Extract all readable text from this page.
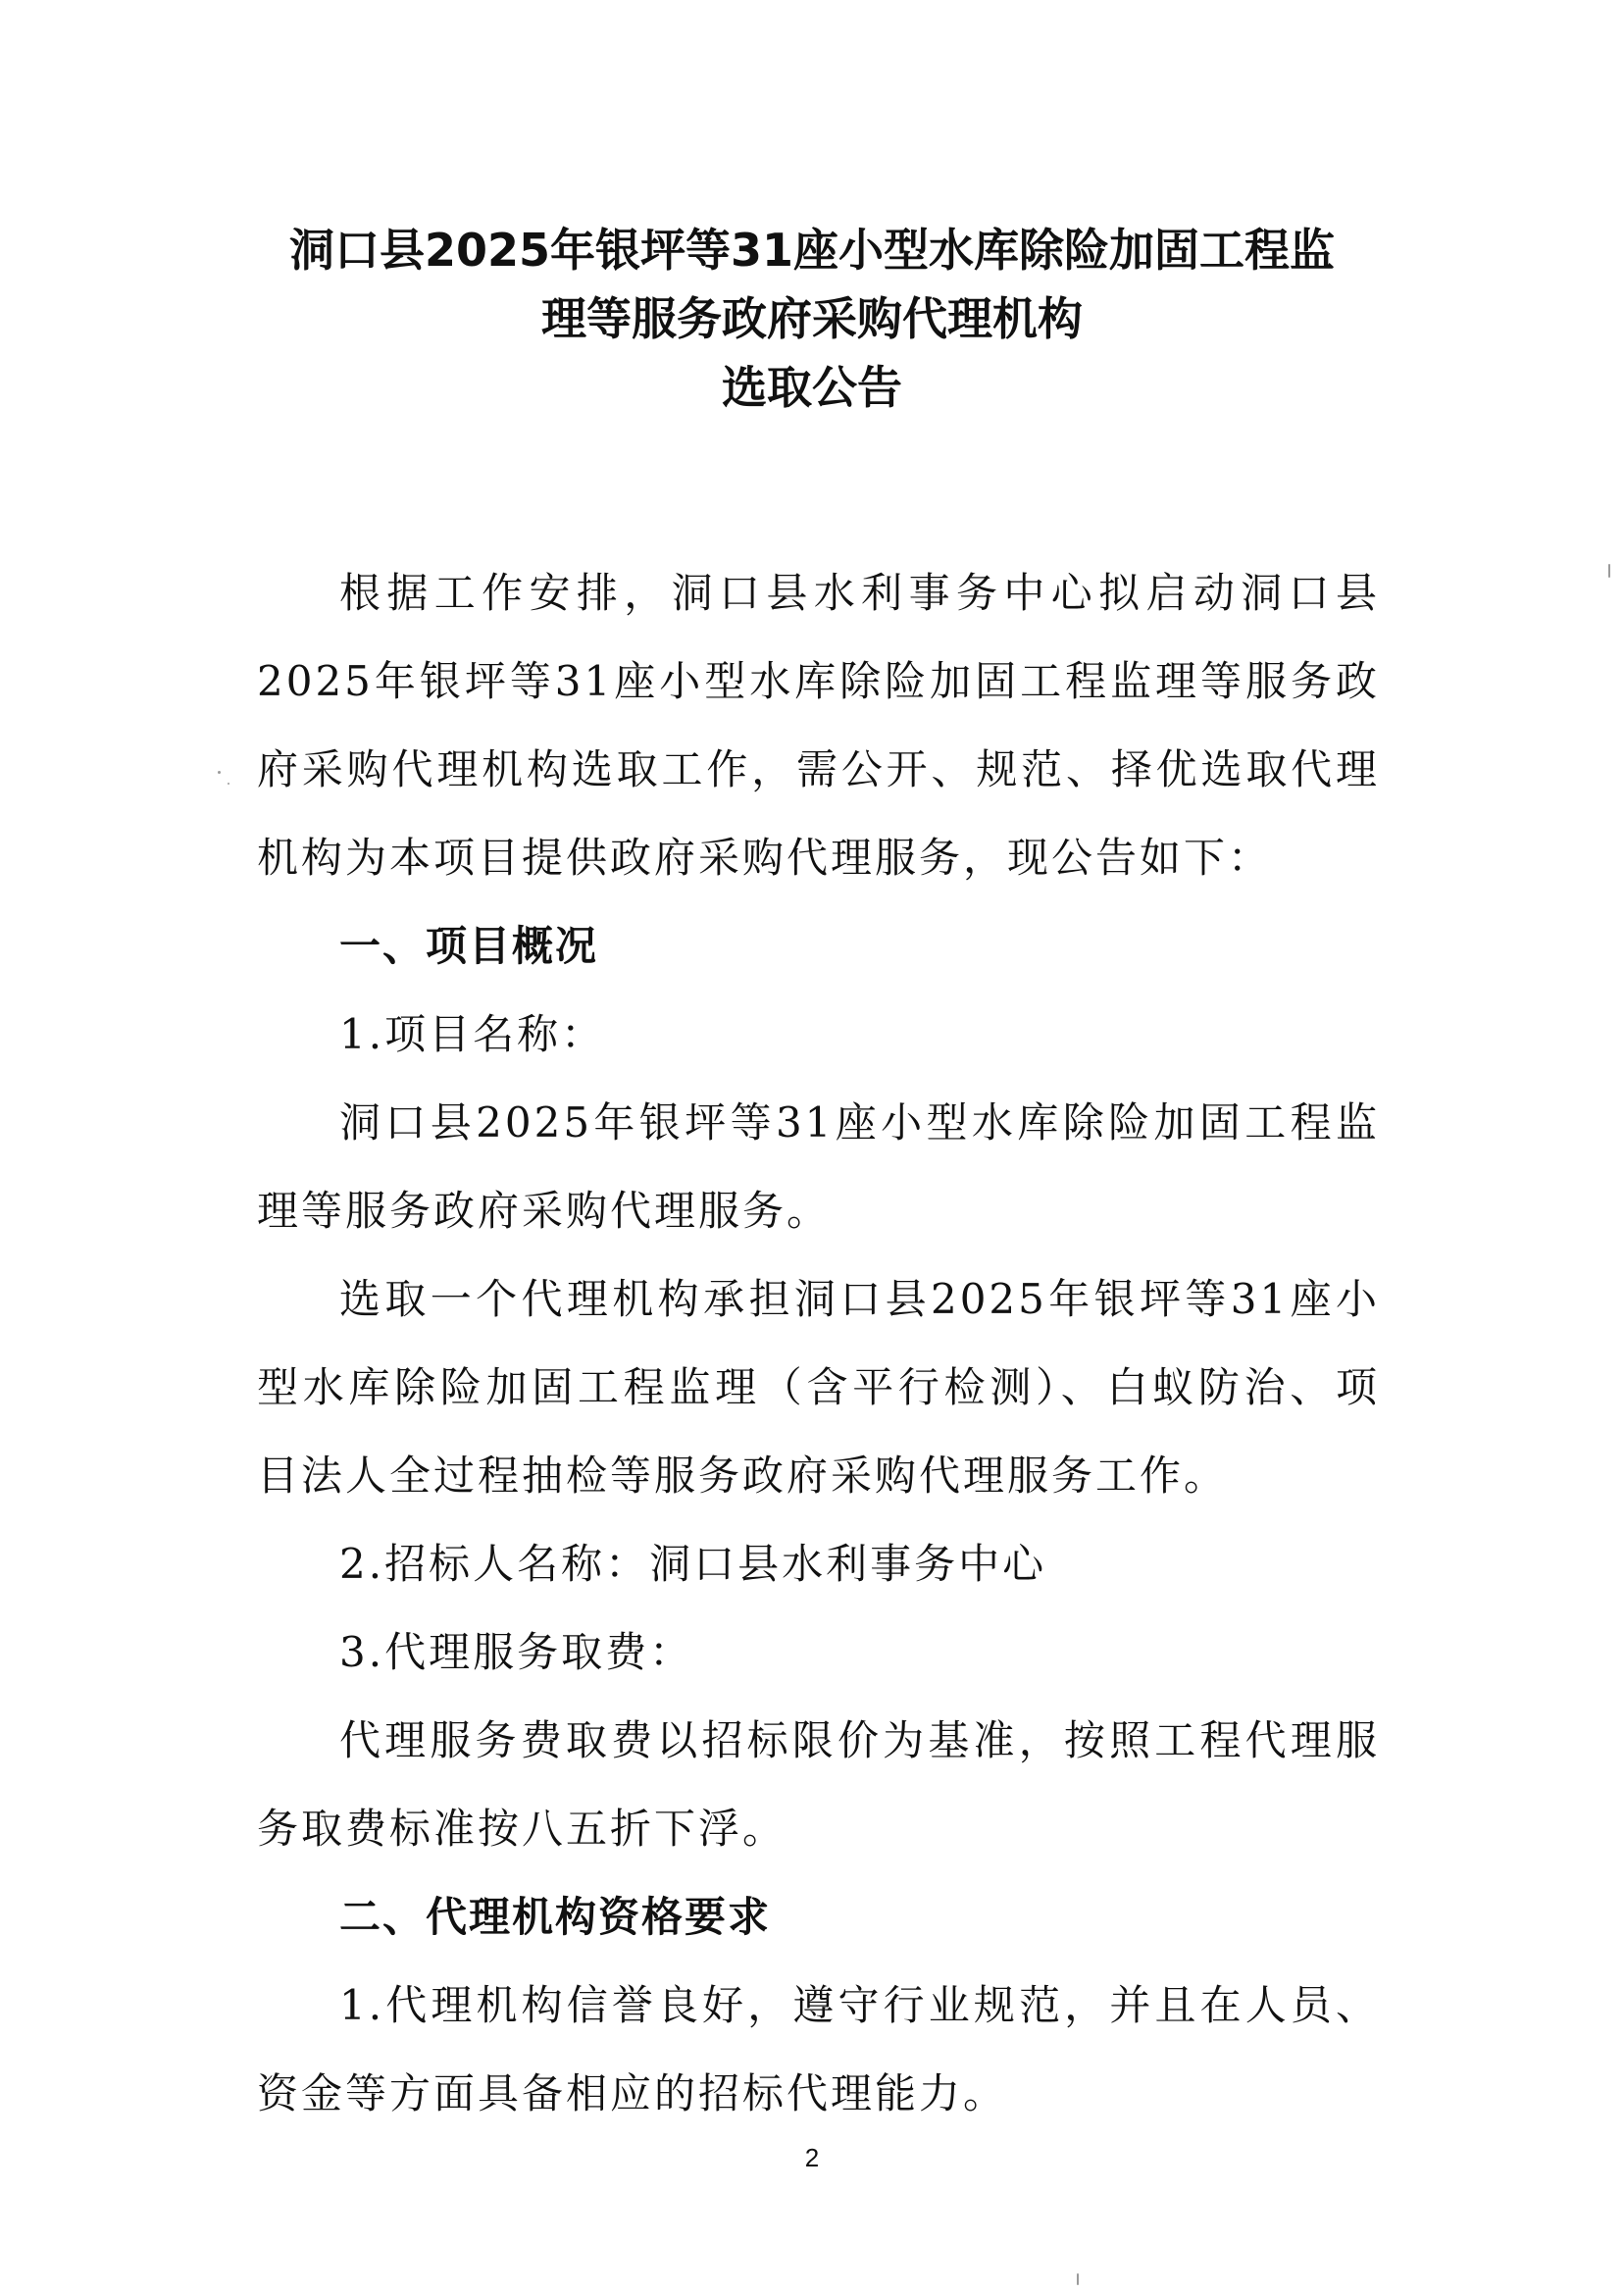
洞口县2025年银坪等31座小型水库除险加固工程监
理等服务政府采购代理机构
选取公告

根据工作安排，洞口县水利事务中心拟启动洞口县2025年银坪等31座小型水库除险加固工程监理等服务政府采购代理机构选取工作，需公开、规范、择优选取代理机构为本项目提供政府采购代理服务，现公告如下：

一、项目概况

1.项目名称：

洞口县2025年银坪等31座小型水库除险加固工程监理等服务政府采购代理服务。

选取一个代理机构承担洞口县2025年银坪等31座小型水库除险加固工程监理（含平行检测）、白蚁防治、项目法人全过程抽检等服务政府采购代理服务工作。

2.招标人名称：洞口县水利事务中心

3.代理服务取费：

代理服务费取费以招标限价为基准，按照工程代理服务取费标准按八五折下浮。

二、代理机构资格要求

1.代理机构信誉良好，遵守行业规范，并且在人员、资金等方面具备相应的招标代理能力。

2
